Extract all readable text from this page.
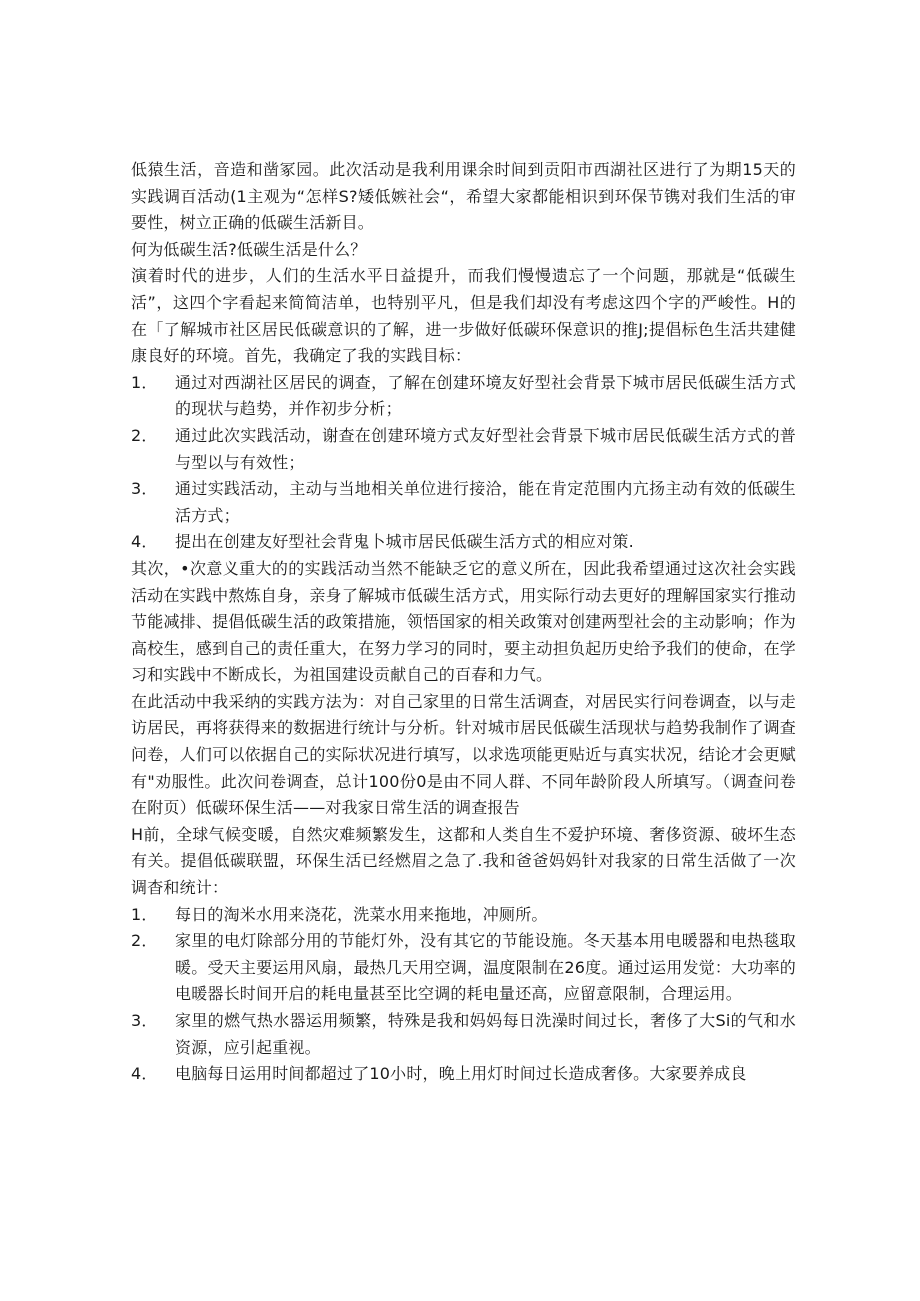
低猿生活，音造和凿冢园。此次活动是我利用课余时间到贡阳市西湖社区进行了为期15天的实践调百活动(1主观为“怎样S?矮低嫉社会“，希望大家都能相识到环保节镌对我们生活的审要性，树立正确的低碳生活新目。

何为低碳生活?低碳生活是什么？

演着时代的进步，人们的生活水平日益提升，而我们慢慢遗忘了一个问题，那就是“低碳生活”，这四个字看起来简简洁单，也特别平凡，但是我们却没有考虑这四个字的严峻性。H的在「了解城市社区居民低碳意识的了解，进一步做好低碳环保意识的推J;提倡标色生活共建健康良好的环境。首先，我确定了我的实践目标：

1．	通过对西湖社区居民的调查，了解在创建环境友好型社会背景下城市居民低碳生活方式的现状与趋势，并作初步分析；
2．	通过此次实践活动，谢查在创建环境方式友好型社会背景下城市居民低碳生活方式的普与型以与有效性；
3．	通过实践活动，主动与当地相关单位进行接洽，能在肯定范围内亢扬主动有效的低碳生活方式；
4．	提出在创建友好型社会背鬼卜城市居民低碳生活方式的相应对策.

其次，•次意义重大的的实践活动当然不能缺乏它的意义所在，因此我希望通过这次社会实践活动在实践中熬炼自身，亲身了解城市低碳生活方式，用实际行动去更好的理解国家实行推动节能减排、提倡低碳生活的政策措施，领悟国家的相关政策对创建两型社会的主动影响；作为高校生，感到自己的责任重大，在努力学习的同时，要主动担负起历史给予我们的使命，在学习和实践中不断成长，为祖国建设贡献自己的百春和力气。

在此活动中我采纳的实践方法为：对自己家里的日常生活调查，对居民实行问卷调查，以与走访居民，再将获得来的数据进行统计与分析。针对城市居民低碳生活现状与趋势我制作了调查问卷，人们可以依据自己的实际状况进行填写，以求选项能更贴近与真实状况，结论才会更赋有"劝服性。此次问卷调查，总计100份0是由不同人群、不同年龄阶段人所填写。（调查问卷在附页）低碳环保生活——对我家日常生活的调查报告

H前，全球气候变暖，自然灾难频繁发生，这都和人类自生不爱护环境、奢侈资源、破坏生态有关。提倡低碳联盟，环保生活已经燃眉之急了.我和爸爸妈妈针对我家的日常生活做了一次调杳和统计：

1．	每日的淘米水用来浇花，洗菜水用来拖地，冲厕所。
2．	家里的电灯除部分用的节能灯外，没有其它的节能设施。冬天基本用电暖器和电热毯取暖。受天主要运用风扇，最热几天用空调，温度限制在26度。通过运用发觉：大功率的电暖器长时间开启的耗电量甚至比空调的耗电量还高，应留意限制，合理运用。
3．	家里的燃气热水器运用频繁，特殊是我和妈妈每日洗澡时间过长，奢侈了大Si的气和水资源，应引起重视。
4．	电脑每日运用时间都超过了10小时，晚上用灯时间过长造成奢侈。大家要养成良
